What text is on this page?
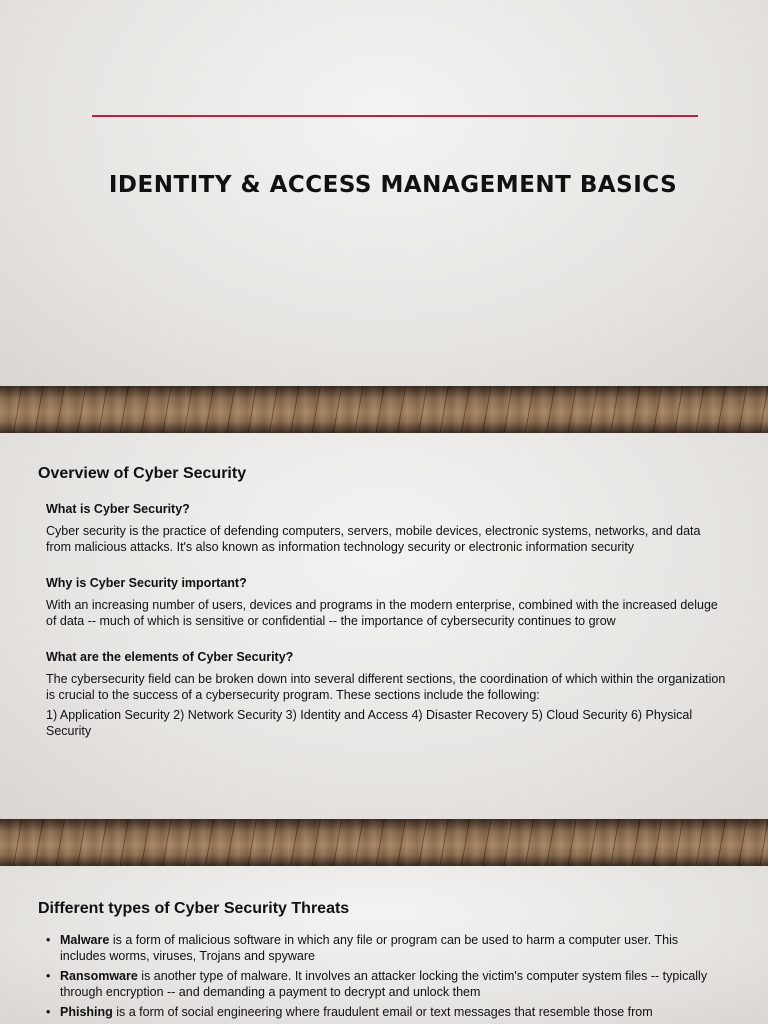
IDENTITY & ACCESS MANAGEMENT BASICS
Overview of Cyber Security

What is Cyber Security?

Cyber security is the practice of defending computers, servers, mobile devices, electronic systems, networks, and data from malicious attacks. It's also known as information technology security or electronic information security

Why is Cyber Security important?

With an increasing number of users, devices and programs in the modern enterprise, combined with the increased deluge of data -- much of which is sensitive or confidential -- the importance of cybersecurity continues to grow

What are the elements of Cyber Security?

The cybersecurity field can be broken down into several different sections, the coordination of which within the organization is crucial to the success of a cybersecurity program. These sections include the following:

1) Application Security 2) Network Security 3) Identity and Access 4) Disaster Recovery 5) Cloud Security 6) Physical Security

Different types of Cyber Security Threats
• Malware is a form of malicious software in which any file or program can be used to harm a computer user. This includes worms, viruses, Trojans and spyware
• Ransomware is another type of malware. It involves an attacker locking the victim's computer system files -- typically through encryption -- and demanding a payment to decrypt and unlock them
• Phishing is a form of social engineering where fraudulent email or text messages that resemble those from
